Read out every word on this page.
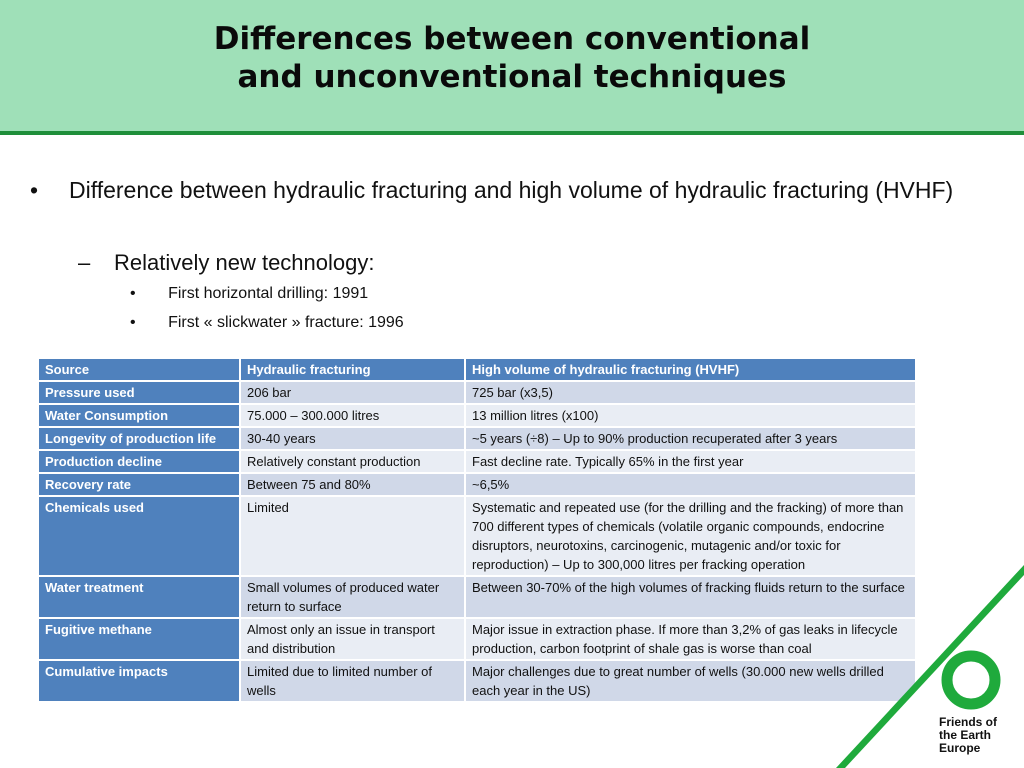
Differences between conventional
and unconventional techniques
• Difference between hydraulic fracturing and high volume of hydraulic fracturing (HVHF)
– Relatively new technology:
• First horizontal drilling: 1991
• First « slickwater » fracture: 1996
Source	Hydraulic fracturing	High volume of hydraulic fracturing (HVHF)
Pressure used	206 bar	725 bar (x3,5)
Water Consumption	75.000 – 300.000 litres	13 million litres (x100)
Longevity of production life	30-40 years	~5 years (÷8) – Up to 90% production recuperated after 3 years
Production decline	Relatively constant production	Fast decline rate. Typically 65% in the first year
Recovery rate	Between 75 and 80%	~6,5%
Chemicals used	Limited	Systematic and repeated use (for the drilling and the fracking) of more than 700 different types of chemicals (volatile organic compounds, endocrine disruptors, neurotoxins, carcinogenic, mutagenic and/or toxic for reproduction) – Up to 300,000 litres per fracking operation
Water treatment	Small volumes of produced water return to surface	Between 30-70% of the high volumes of fracking fluids return to the surface
Fugitive methane	Almost only an issue in transport and distribution	Major issue in extraction phase. If more than 3,2% of gas leaks in lifecycle production, carbon footprint of shale gas is worse than coal
Cumulative impacts	Limited due to limited number of wells	Major challenges due to great number of wells (30.000 new wells drilled each year in the US)
Friends of
the Earth
Europe
